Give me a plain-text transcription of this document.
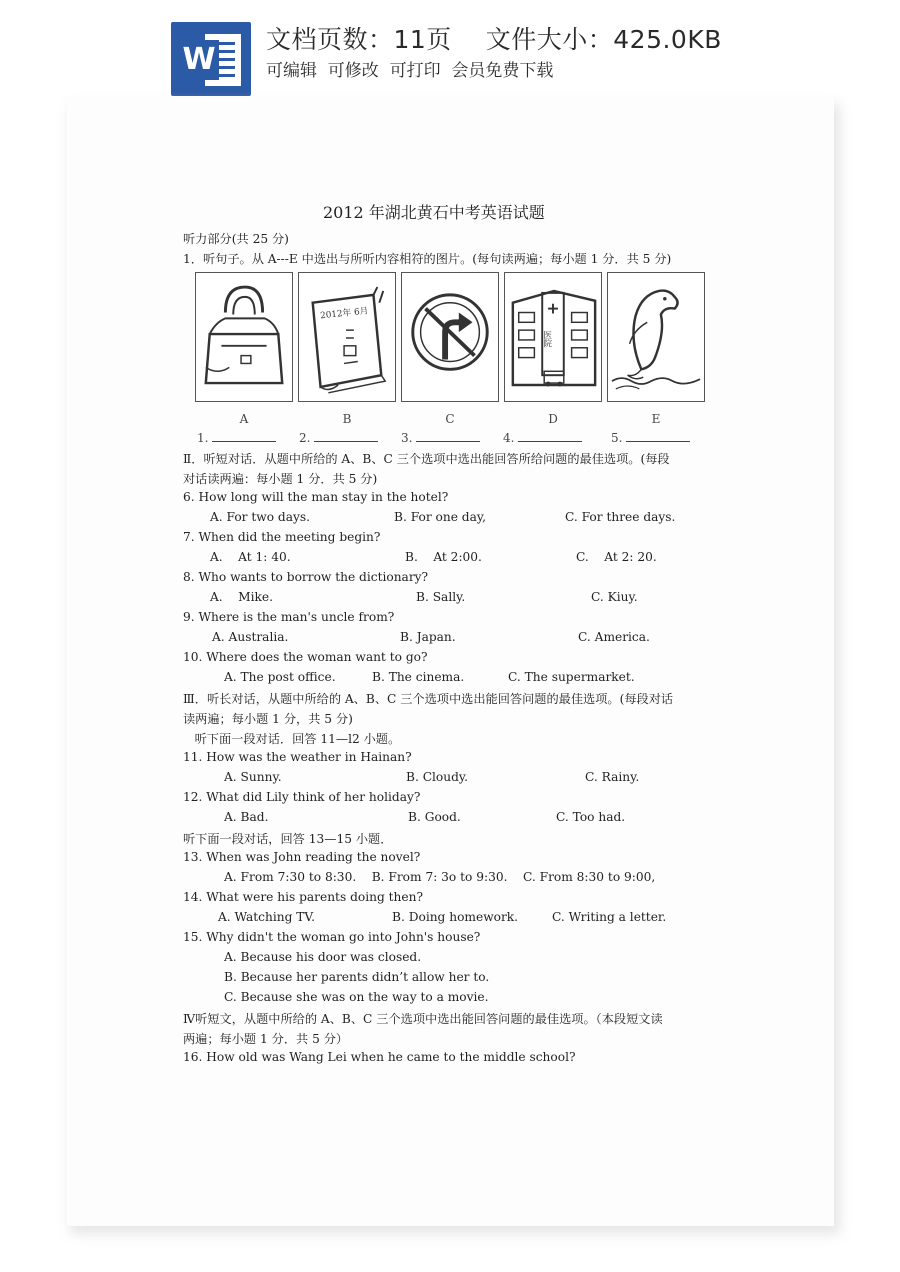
W
文档页数：11页　 文件大小：425.0KB
可编辑  可修改  可打印  会员免费下载
2012 年湖北黄石中考英语试题
听力部分(共 25 分)
1．听句子。从 A---E 中选出与所听内容相符的图片。(每句读两遍；每小题 1 分．共 5 分)
2012年 6月
医院
A	B	C	D	E
1.	2.	3.	4.	5.
Ⅱ．听短对话．从题中所给的 A、B、C 三个选项中选出能回答所给问题的最佳选项。(每段
对话读两遍：每小题 1 分．共 5 分)
6. How long will the man stay in the hotel?
A. For two days.	B. For one day,	C. For three days.
7. When did the meeting begin?
A.    At 1: 40.	B.    At 2:00.	C.    At 2: 20.
8. Who wants to borrow the dictionary?
A.    Mike.	B. Sally.	C. Kiuy.
9. Where is the man's uncle from?
A. Australia.	B. Japan.	C. America.
10. Where does the woman want to go?
A. The post office.	B. The cinema.	C. The supermarket.
Ⅲ．听长对话，从题中所给的 A、B、C 三个选项中选出能回答问题的最佳选项。(每段对话
读两遍；每小题 1 分，共 5 分)
听下面一段对话．回答 11—l2 小题。
11. How was the weather in Hainan?
A. Sunny.	B. Cloudy.	C. Rainy.
12. What did Lily think of her holiday?
A. Bad.	B. Good.	C. Too had.
听下面一段对话，回答 13—15 小题．
13. When was John reading the novel?
A. From 7:30 to 8:30.    B. From 7: 3o to 9:30.    C. From 8:30 to 9:00,
14. What were his parents doing then?
A. Watching TV.	B. Doing homework.	C. Writing a letter.
15. Why didn't the woman go into John's house?
A. Because his door was closed.
B. Because her parents didn’t allow her to.
C. Because she was on the way to a movie.
Ⅳ听短文，从题中所给的 A、B、C 三个选项中选出能回答问题的最佳选项。（本段短文读
两遍；每小题 1 分．共 5 分）
16. How old was Wang Lei when he came to the middle school?
